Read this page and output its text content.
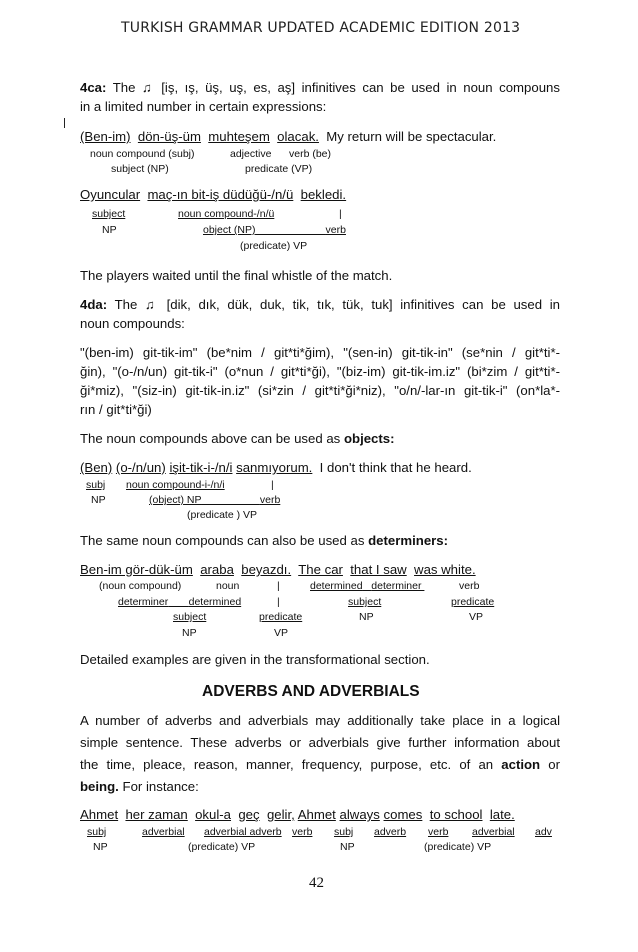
TURKISH GRAMMAR UPDATED ACADEMIC EDITION 2013
4ca: The ♫ [iş, ış, üş, uş, es, aş] infinitives can be used in noun compouns
in a limited number in certain expressions:
(Ben-im) dön-üş-üm muhteşem olacak. My return will be spectacular.
noun compound (subj)	adjective verb (be)
subject (NP)	predicate (VP)
Oyuncular maç-ın bit-iş düdüğü-/n/ü bekledi.
subject	noun compound-/n/ü	|
NP	object (NP)	verb
(predicate) VP
The players waited until the final whistle of the match.
4da: The ♫ [dik, dık, dük, duk, tik, tık, tük, tuk] infinitives can be used in
noun compounds:
"(ben-im) git-tik-im" (be*nim / git*ti*ğim), "(sen-in) git-tik-in" (se*nin / git*ti*-
ğin), "(o-/n/un) git-tik-i" (o*nun / git*ti*ği), "(biz-im) git-tik-im.iz" (bi*zim / git*ti*-
ği*miz), "(siz-in) git-tik-in.iz" (si*zin / git*ti*ği*niz), "o/n/-lar-ın git-tik-i" (on*la*-
rın / git*ti*ği)
The noun compounds above can be used as objects:
(Ben) (o-/n/un) işit-tik-i-/n/i sanmıyorum. I don't think that he heard.
subj noun compound-i-/n/i	|
NP	(object) NP	verb
(predicate ) VP
The same noun compounds can also be used as determiners:
Ben-im gör-dük-üm araba beyazdı. The car that I saw was white.
(noun compound)	noun	|	determined determiner	verb
determiner determined	|	subject	predicate
subject	predicate	NP	VP
NP	VP
Detailed examples are given in the transformational section.
ADVERBS AND ADVERBIALS
A number of adverbs and adverbials may additionally take place in a logical
simple sentence. These adverbs or adverbials give further information about
the time, pleace, reason, manner, frequency, purpose, etc. of an action or
being. For instance:
Ahmet her zaman okul-a geç gelir, Ahmet always comes to school late.
subj	adverbial adverbial adverb verb subj adverb verb adverbial adv
NP	(predicate) VP	NP	(predicate) VP
42
